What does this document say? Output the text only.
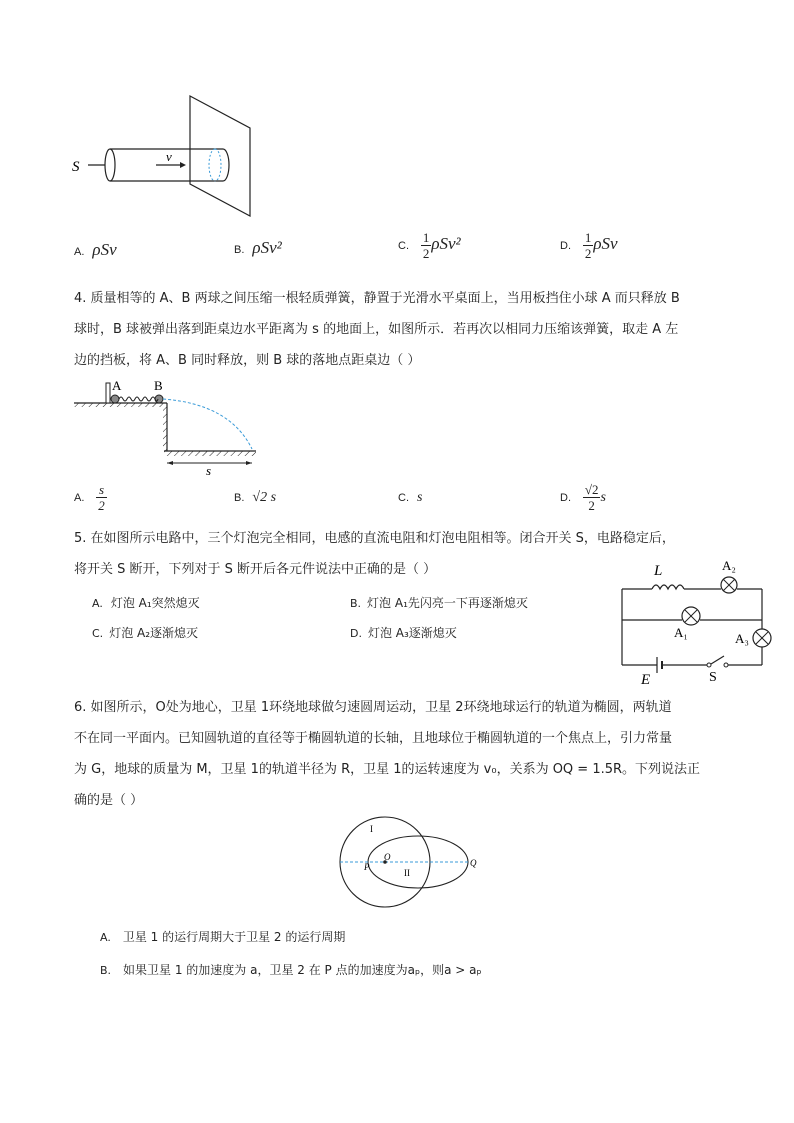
S
v
A. ρSv	B. ρSv²	C. $\frac{1}{2} \rho Sv^2$	D. $\frac{1}{2}$ ρSv
4. 质量相等的 A、B 两球之间压缩一根轻质弹簧，静置于光滑水平桌面上，当用板挡住小球 A 而只释放 B
球时，B 球被弹出落到距桌边水平距离为 s 的地面上，如图所示．若再次以相同力压缩该弹簧，取走 A 左
边的挡板，将 A、B 同时释放，则 B 球的落地点距桌边（ ）
A	B
s
A. $\frac{s}{2}$	B. √2 s	C. s	D. $\frac{√2}{2}$ s
5. 在如图所示电路中，三个灯泡完全相同，电感的直流电阻和灯泡电阻相等。闭合开关 S，电路稳定后，
将开关 S 断开，下列对于 S 断开后各元件说法中正确的是（ ）
A. 灯泡 A₁突然熄灭	B. 灯泡 A₁先闪亮一下再逐渐熄灭
C. 灯泡 A₂逐渐熄灭	D. 灯泡 A₃逐渐熄灭
L	A₂
A₁	A₃
E	S
6. 如图所示，O处为地心，卫星 1环绕地球做匀速圆周运动，卫星 2环绕地球运行的轨道为椭圆，两轨道
不在同一平面内。已知圆轨道的直径等于椭圆轨道的长轴，且地球位于椭圆轨道的一个焦点上，引力常量
为 G，地球的质量为 M，卫星 1的轨道半径为 R，卫星 1的运转速度为 v₀，关系为 OQ = 1.5R。下列说法正
确的是（ ）
I
II
O
P	Q
A. 卫星 1 的运行周期大于卫星 2 的运行周期
B. 如果卫星 1 的加速度为 a，卫星 2 在 P 点的加速度为aₚ，则a > aₚ
